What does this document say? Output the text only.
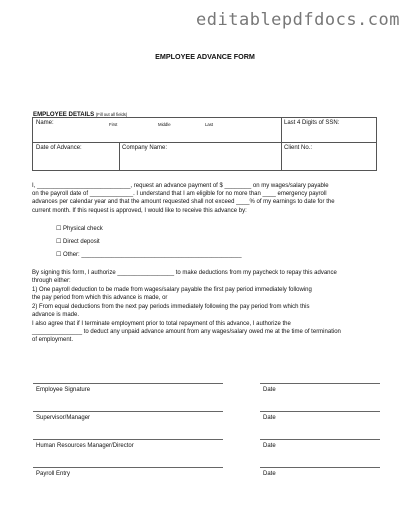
editablepdfdocs.com
EMPLOYEE ADVANCE FORM
EMPLOYEE DETAILS (Fill out all fields)
Name:	First	Middle	Last	Last 4 Digits of SSN:
Date of Advance:	Company Name:	Client No.:
I, ____________________________, request an advance payment of $ ________ on my wages/salary payable
on the payroll date of _____________. I understand that I am eligible for no more than ____ emergency payroll
advances per calendar year and that the amount requested shall not exceed ____% of my earnings to date for the
current month. If this request is approved, I would like to receive this advance by:
☐ Physical check
☐ Direct deposit
☐ Other: ________________________________________________
By signing this form, I authorize _________________ to make deductions from my paycheck to repay this advance
through either:
1) One payroll deduction to be made from wages/salary payable the first pay period immediately following
the pay period from which this advance is made, or
2) From equal deductions from the next pay periods immediately following the pay period from which this
advance is made.
I also agree that if I terminate employment prior to total repayment of this advance, I authorize the
_______________ to deduct any unpaid advance amount from any wages/salary owed me at the time of termination
of employment.
Employee Signature	Date
Supervisor/Manager	Date
Human Resources Manager/Director	Date
Payroll Entry	Date
